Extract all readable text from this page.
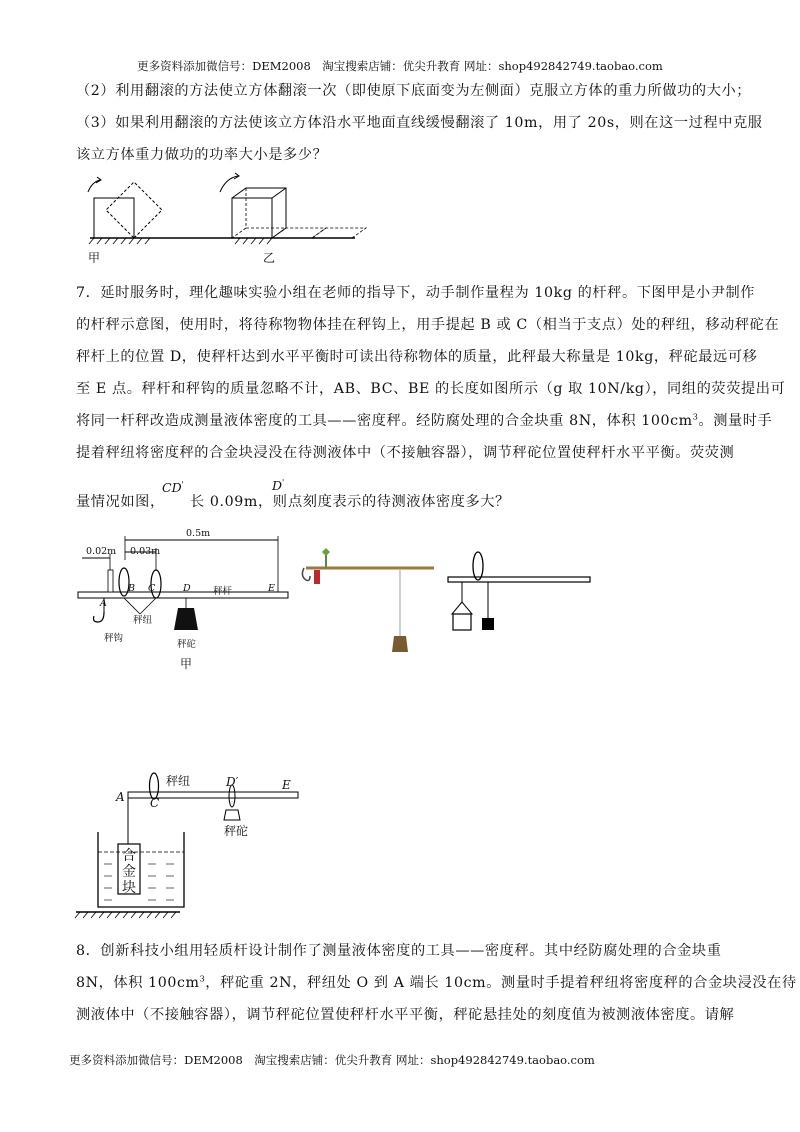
更多资料添加微信号：DEM2008　淘宝搜索店铺：优尖升教育 网址：shop492842749.taobao.com
（2）利用翻滚的方法使立方体翻滚一次（即使原下底面变为左侧面）克服立方体的重力所做功的大小；
（3）如果利用翻滚的方法使该立方体沿水平地面直线缓慢翻滚了 10m，用了 20s，则在这一过程中克服
该立方体重力做功的功率大小是多少？
甲	乙
7．延时服务时，理化趣味实验小组在老师的指导下，动手制作量程为 10kg 的杆秤。下图甲是小尹制作
的杆秤示意图，使用时，将待称物物体挂在秤钩上，用手提起 B 或 C（相当于支点）处的秤纽，移动秤砣在
秤杆上的位置 D，使秤杆达到水平平衡时可读出待称物体的质量，此秤最大称量是 10kg，秤砣最远可移
至 E 点。秤杆和秤钩的质量忽略不计，AB、BC、BE 的长度如图所示（g 取 10N/kg），同组的荧荧提出可
将同一杆秤改造成测量液体密度的工具——密度秤。经防腐处理的合金块重 8N，体积 $100cm^3$。测量时手
提着秤纽将密度秤的合金块浸没在待测液体中（不接触容器），调节秤砣位置使秤杆水平平衡。荧荧测
量情况如图，
CD'
长 0.09m，则
D'
点刻度表示的待测液体密度多大？
0.5m
0.02m 0.03m
A
B C	D 秤杆	E
秤钩
秤纽
秤砣
甲
A
秤纽
C
D′	E
秤砣
合
金
块
8．创新科技小组用轻质杆设计制作了测量液体密度的工具——密度秤。其中经防腐处理的合金块重
8N，体积 $100cm^3$，秤砣重 2N，秤纽处 O 到 A 端长 10cm。测量时手提着秤纽将密度秤的合金块浸没在待
测液体中（不接触容器），调节秤砣位置使秤杆水平平衡，秤砣悬挂处的刻度值为被测液体密度。请解
更多资料添加微信号：DEM2008　淘宝搜索店铺：优尖升教育 网址：shop492842749.taobao.com
